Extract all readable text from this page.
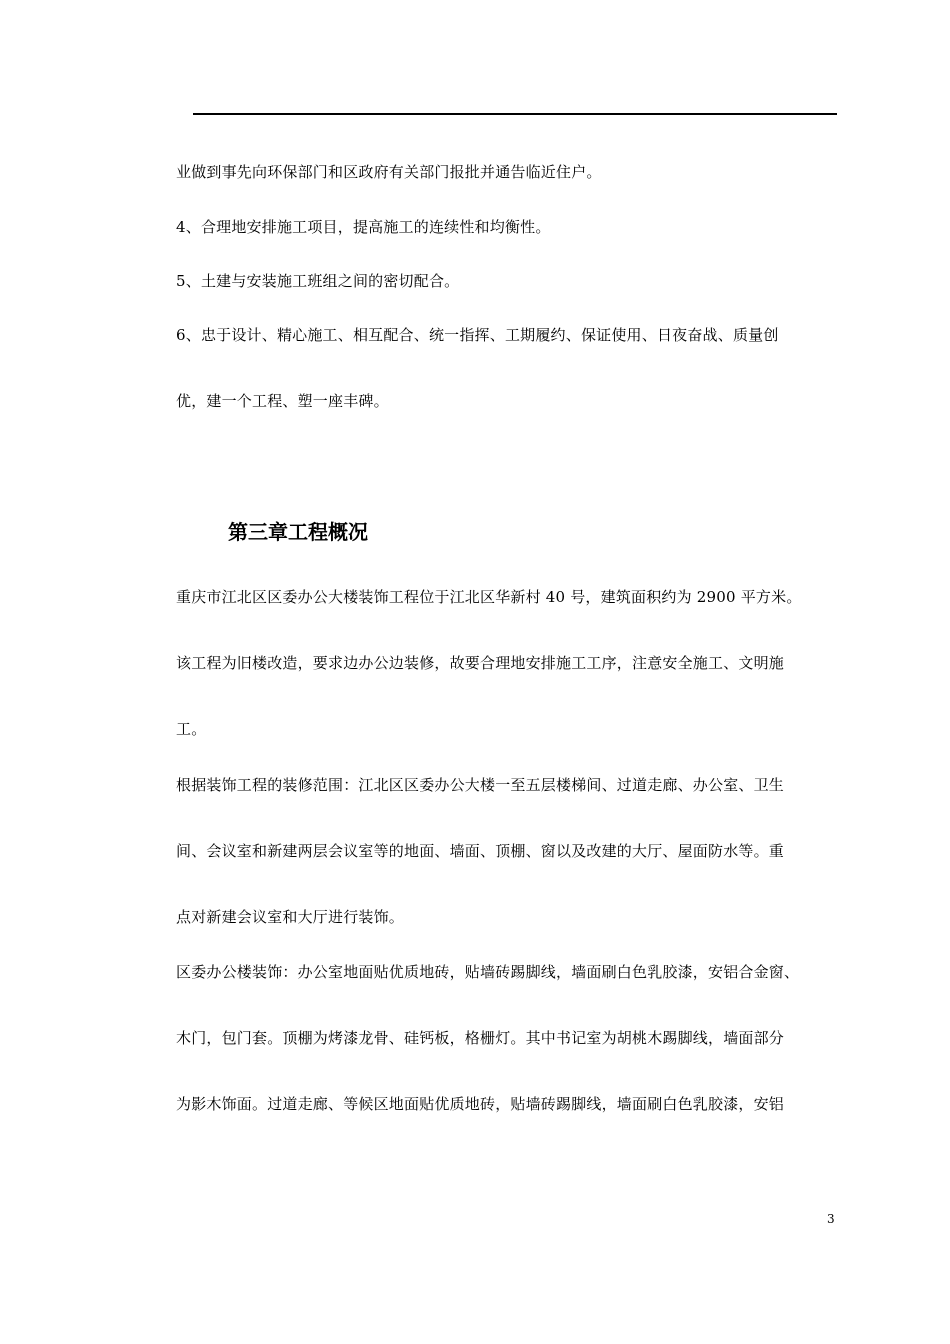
业做到事先向环保部门和区政府有关部门报批并通告临近住户。
4、合理地安排施工项目，提高施工的连续性和均衡性。
5、土建与安装施工班组之间的密切配合。
6、忠于设计、精心施工、相互配合、统一指挥、工期履约、保证使用、日夜奋战、质量创
优，建一个工程、塑一座丰碑。
第三章工程概况
重庆市江北区区委办公大楼装饰工程位于江北区华新村 40 号，建筑面积约为 2900 平方米。
该工程为旧楼改造，要求边办公边装修，故要合理地安排施工工序，注意安全施工、文明施
工。
根据装饰工程的装修范围：江北区区委办公大楼一至五层楼梯间、过道走廊、办公室、卫生
间、会议室和新建两层会议室等的地面、墙面、顶棚、窗以及改建的大厅、屋面防水等。重
点对新建会议室和大厅进行装饰。
区委办公楼装饰：办公室地面贴优质地砖，贴墙砖踢脚线，墙面刷白色乳胶漆，安铝合金窗、
木门，包门套。顶棚为烤漆龙骨、硅钙板，格栅灯。其中书记室为胡桃木踢脚线，墙面部分
为影木饰面。过道走廊、等候区地面贴优质地砖，贴墙砖踢脚线，墙面刷白色乳胶漆，安铝
3
